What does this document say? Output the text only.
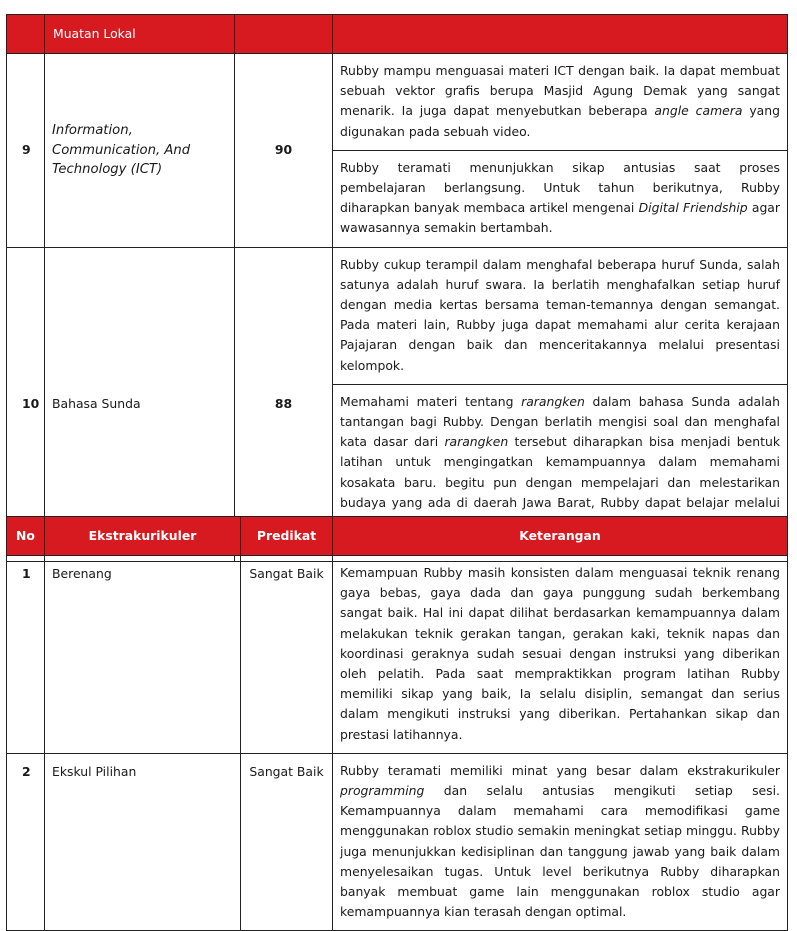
	Muatan Lokal		
9	Information, Communication, And Technology (ICT)	90	Rubby mampu menguasai materi ICT dengan baik. Ia dapat membuat sebuah vektor grafis berupa Masjid Agung Demak yang sangat menarik. Ia juga dapat menyebutkan beberapa angle camera yang digunakan pada sebuah video.
			Rubby teramati menunjukkan sikap antusias saat proses pembelajaran berlangsung. Untuk tahun berikutnya, Rubby diharapkan banyak membaca artikel mengenai Digital Friendship agar wawasannya semakin bertambah.
10	Bahasa Sunda	88	Rubby cukup terampil dalam menghafal beberapa huruf Sunda, salah satunya adalah huruf swara. Ia berlatih menghafalkan setiap huruf dengan media kertas bersama teman-temannya dengan semangat. Pada materi lain, Rubby juga dapat memahami alur cerita kerajaan Pajajaran dengan baik dan menceritakannya melalui presentasi kelompok.
			Memahami materi tentang rarangken dalam bahasa Sunda adalah tantangan bagi Rubby. Dengan berlatih mengisi soal dan menghafal kata dasar dari rarangken tersebut diharapkan bisa menjadi bentuk latihan untuk mengingatkan kemampuannya dalam memahami kosakata baru. begitu pun dengan mempelajari dan melestarikan budaya yang ada di daerah Jawa Barat, Rubby dapat belajar melalui
No	Ekstrakurikuler	Predikat	Keterangan
1	Berenang	Sangat Baik	Kemampuan Rubby masih konsisten dalam menguasai teknik renang gaya bebas, gaya dada dan gaya punggung sudah berkembang sangat baik. Hal ini dapat dilihat berdasarkan kemampuannya dalam melakukan teknik gerakan tangan, gerakan kaki, teknik napas dan koordinasi geraknya sudah sesuai dengan instruksi yang diberikan oleh pelatih. Pada saat mempraktikkan program latihan Rubby memiliki sikap yang baik, Ia selalu disiplin, semangat dan serius dalam mengikuti instruksi yang diberikan. Pertahankan sikap dan prestasi latihannya.
2	Ekskul Pilihan	Sangat Baik	Rubby teramati memiliki minat yang besar dalam ekstrakurikuler programming dan selalu antusias mengikuti setiap sesi. Kemampuannya dalam memahami cara memodifikasi game menggunakan roblox studio semakin meningkat setiap minggu. Rubby juga menunjukkan kedisiplinan dan tanggung jawab yang baik dalam menyelesaikan tugas. Untuk level berikutnya Rubby diharapkan banyak membuat game lain menggunakan roblox studio agar kemampuannya kian terasah dengan optimal.
